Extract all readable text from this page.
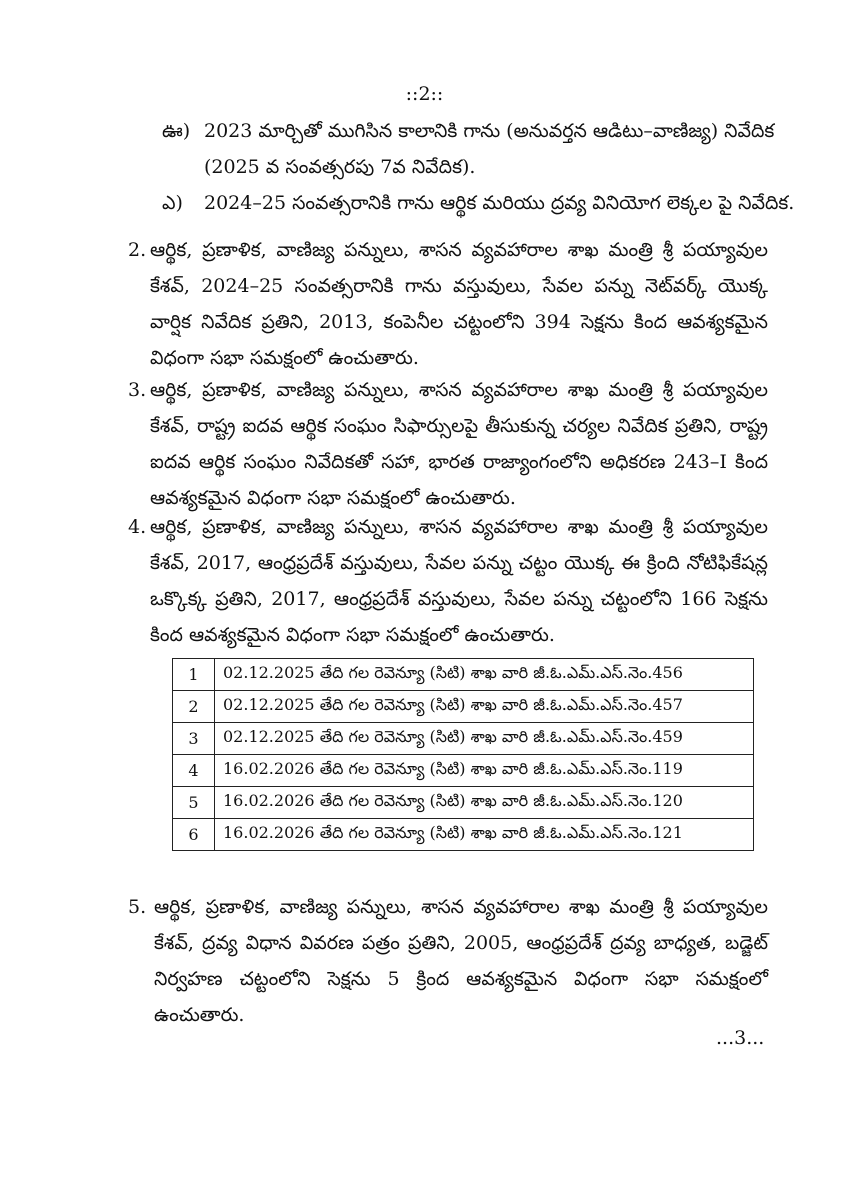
::2::
ఊ) 2023 మార్చితో ముగిసిన కాలానికి గాను (అనువర్తన ఆడిటు–వాణిజ్య) నివేదిక (2025 వ సంవత్సరపు 7వ నివేదిక).
ఎ)	2024–25 సంవత్సరానికి గాను ఆర్థిక మరియు ద్రవ్య వినియోగ లెక్కల పై నివేదిక.
2. ఆర్థిక, ప్రణాళిక, వాణిజ్య పన్నులు, శాసన వ్యవహారాల శాఖ మంత్రి శ్రీ పయ్యావుల కేశవ్, 2024–25 సంవత్సరానికి గాను వస్తువులు, సేవల పన్ను నెట్‌వర్క్ యొక్క వార్షిక నివేదిక ప్రతిని, 2013, కంపెనీల చట్టంలోని 394 సెక్షను కింద ఆవశ్యకమైన విధంగా సభా సమక్షంలో ఉంచుతారు.
3. ఆర్థిక, ప్రణాళిక, వాణిజ్య పన్నులు, శాసన వ్యవహారాల శాఖ మంత్రి శ్రీ పయ్యావుల కేశవ్, రాష్ట్ర ఐదవ ఆర్థిక సంఘం సిఫార్సులపై తీసుకున్న చర్యల నివేదిక ప్రతిని, రాష్ట్ర ఐదవ ఆర్థిక సంఘం నివేదికతో సహా, భారత రాజ్యాంగంలోని అధికరణ 243–I కింద ఆవశ్యకమైన విధంగా సభా సమక్షంలో ఉంచుతారు.
4. ఆర్థిక, ప్రణాళిక, వాణిజ్య పన్నులు, శాసన వ్యవహారాల శాఖ మంత్రి శ్రీ పయ్యావుల కేశవ్, 2017, ఆంధ్రప్రదేశ్ వస్తువులు, సేవల పన్ను చట్టం యొక్క ఈ క్రింది నోటిఫికేషన్ల ఒక్కొక్క ప్రతిని, 2017, ఆంధ్రప్రదేశ్ వస్తువులు, సేవల పన్ను చట్టంలోని 166 సెక్షను కింద ఆవశ్యకమైన విధంగా సభా సమక్షంలో ఉంచుతారు.
1	02.12.2025 తేది గల రెవెన్యూ (సిటి) శాఖ వారి జీ.ఓ.ఎమ్.ఎస్.నెం.456
2	02.12.2025 తేది గల రెవెన్యూ (సిటి) శాఖ వారి జీ.ఓ.ఎమ్.ఎస్.నెం.457
3	02.12.2025 తేది గల రెవెన్యూ (సిటి) శాఖ వారి జీ.ఓ.ఎమ్.ఎస్.నెం.459
4	16.02.2026 తేది గల రెవెన్యూ (సిటి) శాఖ వారి జీ.ఓ.ఎమ్.ఎస్.నెం.119
5	16.02.2026 తేది గల రెవెన్యూ (సిటి) శాఖ వారి జీ.ఓ.ఎమ్.ఎస్.నెం.120
6	16.02.2026 తేది గల రెవెన్యూ (సిటి) శాఖ వారి జీ.ఓ.ఎమ్.ఎస్.నెం.121
5. ఆర్థిక, ప్రణాళిక, వాణిజ్య పన్నులు, శాసన వ్యవహారాల శాఖ మంత్రి శ్రీ పయ్యావుల కేశవ్, ద్రవ్య విధాన వివరణ పత్రం ప్రతిని, 2005, ఆంధ్రప్రదేశ్ ద్రవ్య బాధ్యత, బడ్జెట్ నిర్వహణ చట్టంలోని సెక్షను 5 క్రింద ఆవశ్యకమైన విధంగా సభా సమక్షంలో ఉంచుతారు.
...3...
